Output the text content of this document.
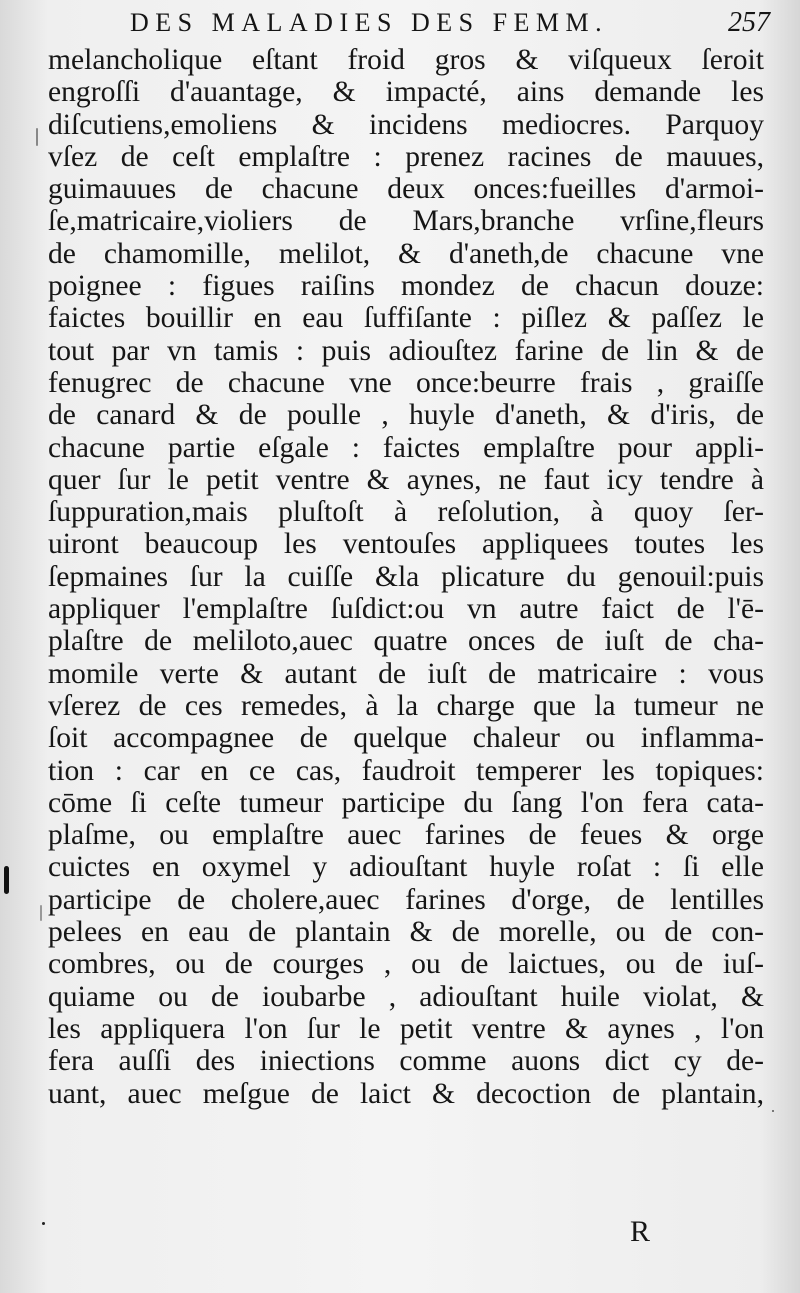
DES MALADIES DES FEMM.	257
melancholique eſtant froid gros & viſqueux ſeroit
engroſſi d'auantage, & impacté, ains demande les
diſcutiens,emoliens & incidens mediocres. Parquoy
vſez de ceſt emplaſtre : prenez racines de mauues,
guimauues de chacune deux onces:fueilles d'armoi-
ſe,matricaire,violiers de Mars,branche vrſine,fleurs
de chamomille, melilot, & d'aneth,de chacune vne
poignee : figues raiſins mondez de chacun douze:
faictes bouillir en eau ſuffiſante : piſlez & paſſez le
tout par vn tamis : puis adiouſtez farine de lin & de
fenugrec de chacune vne once:beurre frais , graiſſe
de canard & de poulle , huyle d'aneth, & d'iris, de
chacune partie eſgale : faictes emplaſtre pour appli-
quer ſur le petit ventre & aynes, ne faut icy tendre à
ſuppuration,mais pluſtoſt à reſolution, à quoy ſer-
uiront beaucoup les ventouſes appliquees toutes les
ſepmaines ſur la cuiſſe &la plicature du genouil:puis
appliquer l'emplaſtre ſuſdict:ou vn autre faict de l'ē-
plaſtre de meliloto,auec quatre onces de iuſt de cha-
momile verte & autant de iuſt de matricaire : vous
vſerez de ces remedes, à la charge que la tumeur ne
ſoit accompagnee de quelque chaleur ou inflamma-
tion : car en ce cas, faudroit temperer les topiques:
cōme ſi ceſte tumeur participe du ſang l'on fera cata-
plaſme, ou emplaſtre auec farines de feues & orge
cuictes en oxymel y adiouſtant huyle roſat : ſi elle
participe de cholere,auec farines d'orge, de lentilles
pelees en eau de plantain & de morelle, ou de con-
combres, ou de courges , ou de laictues, ou de iuſ-
quiame ou de ioubarbe , adiouſtant huile violat, &
les appliquera l'on ſur le petit ventre & aynes , l'on
fera auſſi des iniections comme auons dict cy de-
uant, auec meſgue de laict & decoction de plantain,
R
